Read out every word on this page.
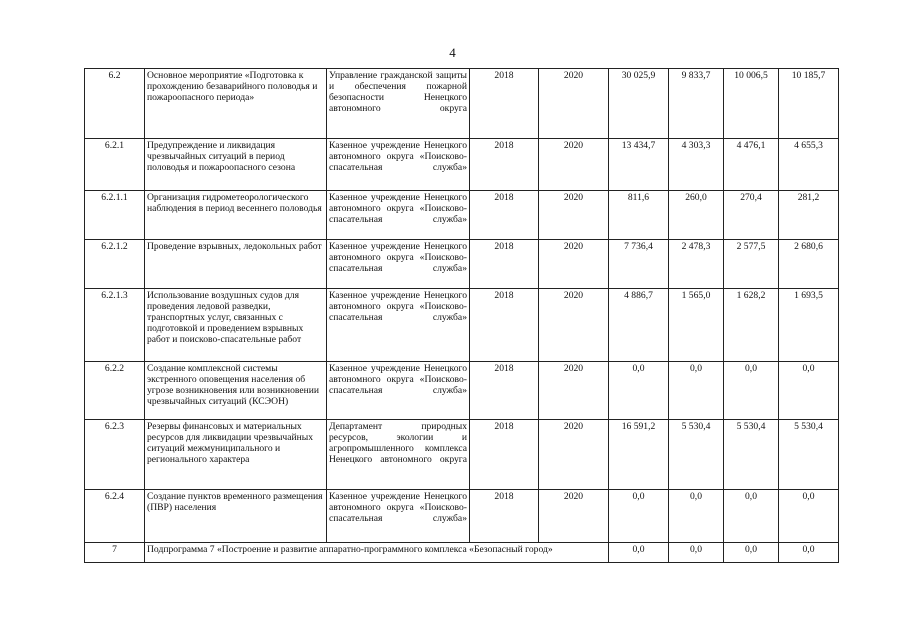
4
6.2	Основное мероприятие «Подготовка к прохождению безаварийного половодья и пожароопасного периода»	Управление гражданской защиты и обеспечения пожарной безопасности Ненецкого автономного округа	2018	2020	30 025,9	9 833,7	10 006,5	10 185,7
6.2.1	Предупреждение и ликвидация чрезвычайных ситуаций в период половодья и пожароопасного сезона	Казенное учреждение Ненецкого автономного округа «Поисково-спасательная служба»	2018	2020	13 434,7	4 303,3	4 476,1	4 655,3
6.2.1.1	Организация гидрометеорологического наблюдения в период весеннего половодья	Казенное учреждение Ненецкого автономного округа «Поисково-спасательная служба»	2018	2020	811,6	260,0	270,4	281,2
6.2.1.2	Проведение взрывных, ледокольных работ	Казенное учреждение Ненецкого автономного округа «Поисково-спасательная служба»	2018	2020	7 736,4	2 478,3	2 577,5	2 680,6
6.2.1.3	Использование воздушных судов для проведения ледовой разведки, транспортных услуг, связанных с подготовкой и проведением взрывных работ и поисково-спасательные работ	Казенное учреждение Ненецкого автономного округа «Поисково-спасательная служба»	2018	2020	4 886,7	1 565,0	1 628,2	1 693,5
6.2.2	Создание комплексной системы экстренного оповещения населения об угрозе возникновения или возникновении чрезвычайных ситуаций (КСЭОН)	Казенное учреждение Ненецкого автономного округа «Поисково-спасательная служба»	2018	2020	0,0	0,0	0,0	0,0
6.2.3	Резервы финансовых и материальных ресурсов для ликвидации чрезвычайных ситуаций межмуниципального и регионального характера	Департамент природных ресурсов, экологии и агропромышленного комплекса Ненецкого автономного округа	2018	2020	16 591,2	5 530,4	5 530,4	5 530,4
6.2.4	Создание пунктов временного размещения (ПВР) населения	Казенное учреждение Ненецкого автономного округа «Поисково-спасательная служба»	2018	2020	0,0	0,0	0,0	0,0
7	Подпрограмма 7 «Построение и развитие аппаратно-программного комплекса «Безопасный город»				0,0	0,0	0,0	0,0
